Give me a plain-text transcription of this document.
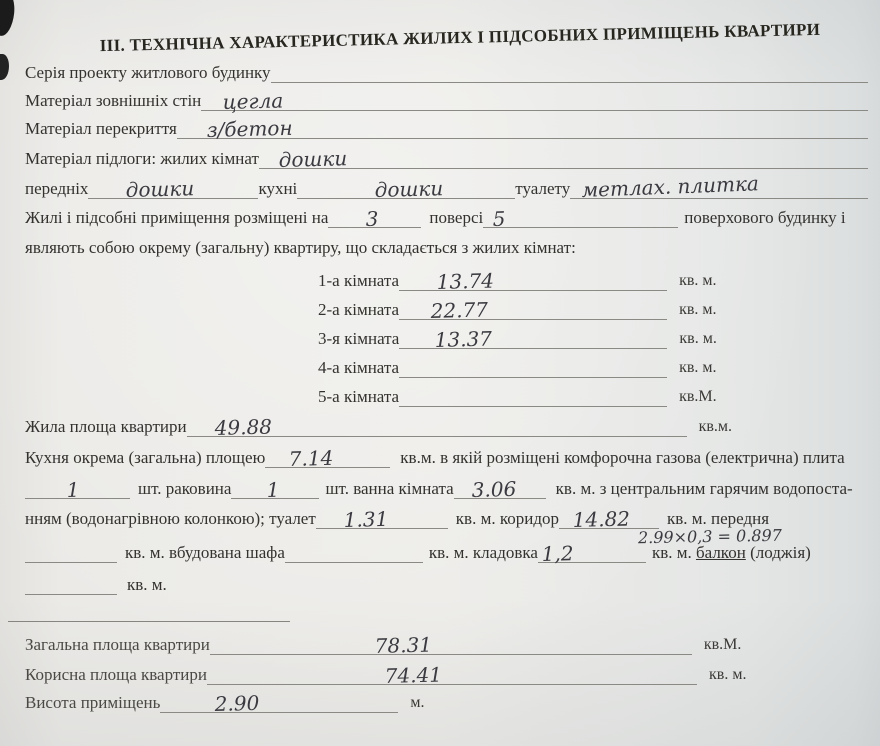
ІІІ. ТЕХНІЧНА ХАРАКТЕРИСТИКА ЖИЛИХ І ПІДСОБНИХ ПРИМІЩЕНЬ КВАРТИРИ
Серія проекту житлового будинку
Матеріал зовнішніх стін цегла
Матеріал перекриття з/бетон
Матеріал підлоги: жилих кімнат дошки
передніх дошки	кухні	дошки	туалету метлах. плитка
Жилі і підсобні приміщення розміщені на 3	поверсі 5	поверхового будинку і
являють собою окрему (загальну) квартиру, що складається з жилих кімнат:
1-а кімната 13.74	кв. м.
2-а кімната 22.77	кв. м.
3-я кімната 13.37	кв. м.
4-а кімната	кв. м.
5-а кімната	кв.М.
Жила площа квартири 49.88	кв.м.
Кухня окрема (загальна) площею 7.14	кв.м. в якій розміщені комфорочна газова (електрична) плита
1	шт. раковина 1	шт. ванна кімната 3.06 кв. м. з центральним гарячим водопоста-
нням (водонагрівною колонкою); туалет 1.31	кв. м. коридор 14.82 кв. м. передня
2.99×0,3 = 0.897
кв. м. вбудована шафа	кв. м. кладовка 1,2	кв. м. балкон (лоджія)
кв. м.
Загальна площа квартири	78.31	кв.М.
Корисна площа квартири	74.41	кв. м.
Висота приміщень	2.90	м.
